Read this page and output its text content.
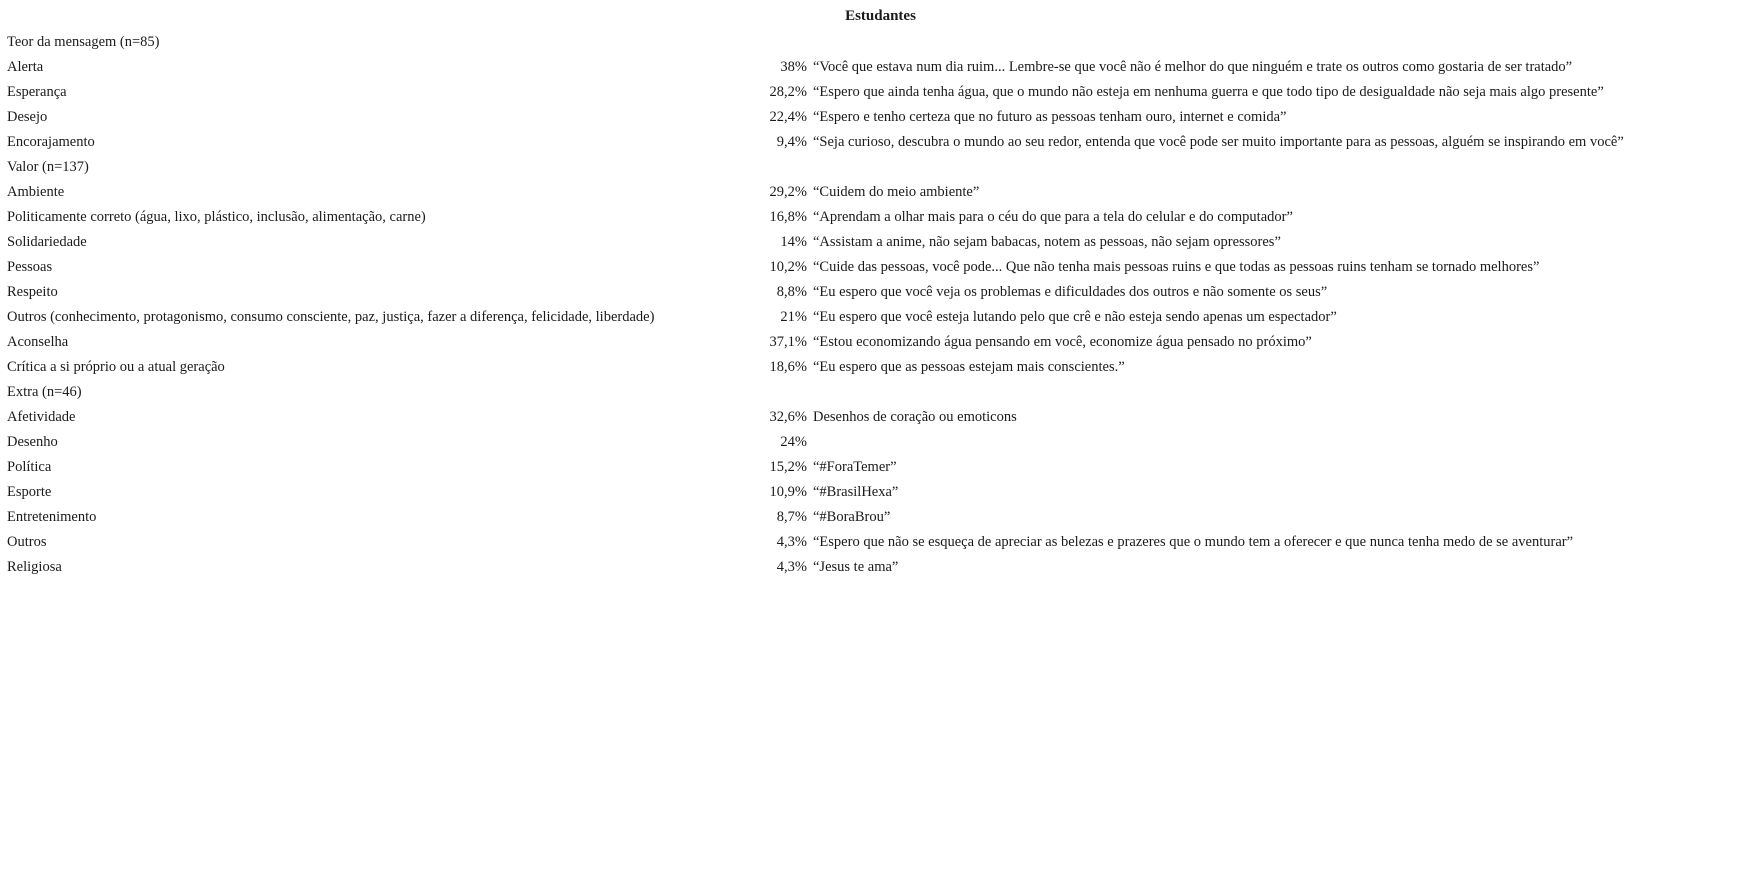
Estudantes
Teor da mensagem (n=85)
Alerta	38% “Você que estava num dia ruim... Lembre-se que você não é melhor do que ninguém e trate os outros como gostaria de ser tratado”
Esperança	28,2% “Espero que ainda tenha água, que o mundo não esteja em nenhuma guerra e que todo tipo de desigualdade não seja mais algo presente”
Desejo	22,4% “Espero e tenho certeza que no futuro as pessoas tenham ouro, internet e comida”
Encorajamento	9,4% “Seja curioso, descubra o mundo ao seu redor, entenda que você pode ser muito importante para as pessoas, alguém se inspirando em você”
Valor (n=137)
Ambiente	29,2% “Cuidem do meio ambiente”
Politicamente correto (água, lixo, plástico, inclusão, alimentação, carne)	16,8% “Aprendam a olhar mais para o céu do que para a tela do celular e do computador”
Solidariedade	14% “Assistam a anime, não sejam babacas, notem as pessoas, não sejam opressores”
Pessoas	10,2% “Cuide das pessoas, você pode... Que não tenha mais pessoas ruins e que todas as pessoas ruins tenham se tornado melhores”
Respeito	8,8% “Eu espero que você veja os problemas e dificuldades dos outros e não somente os seus”
Outros (conhecimento, protagonismo, consumo consciente, paz, justiça, fazer a diferença, felicidade, liberdade)	21% “Eu espero que você esteja lutando pelo que crê e não esteja sendo apenas um espectador”
Aconselha	37,1% “Estou economizando água pensando em você, economize água pensado no próximo”
Crítica a si próprio ou a atual geração	18,6% “Eu espero que as pessoas estejam mais conscientes.”
Extra (n=46)
Afetividade	32,6% Desenhos de coração ou emoticons
Desenho	24%
Política	15,2% “#ForaTemer”
Esporte	10,9% “#BrasilHexa”
Entretenimento	8,7% “#BoraBrou”
Outros	4,3% “Espero que não se esqueça de apreciar as belezas e prazeres que o mundo tem a oferecer e que nunca tenha medo de se aventurar”
Religiosa	4,3% “Jesus te ama”
